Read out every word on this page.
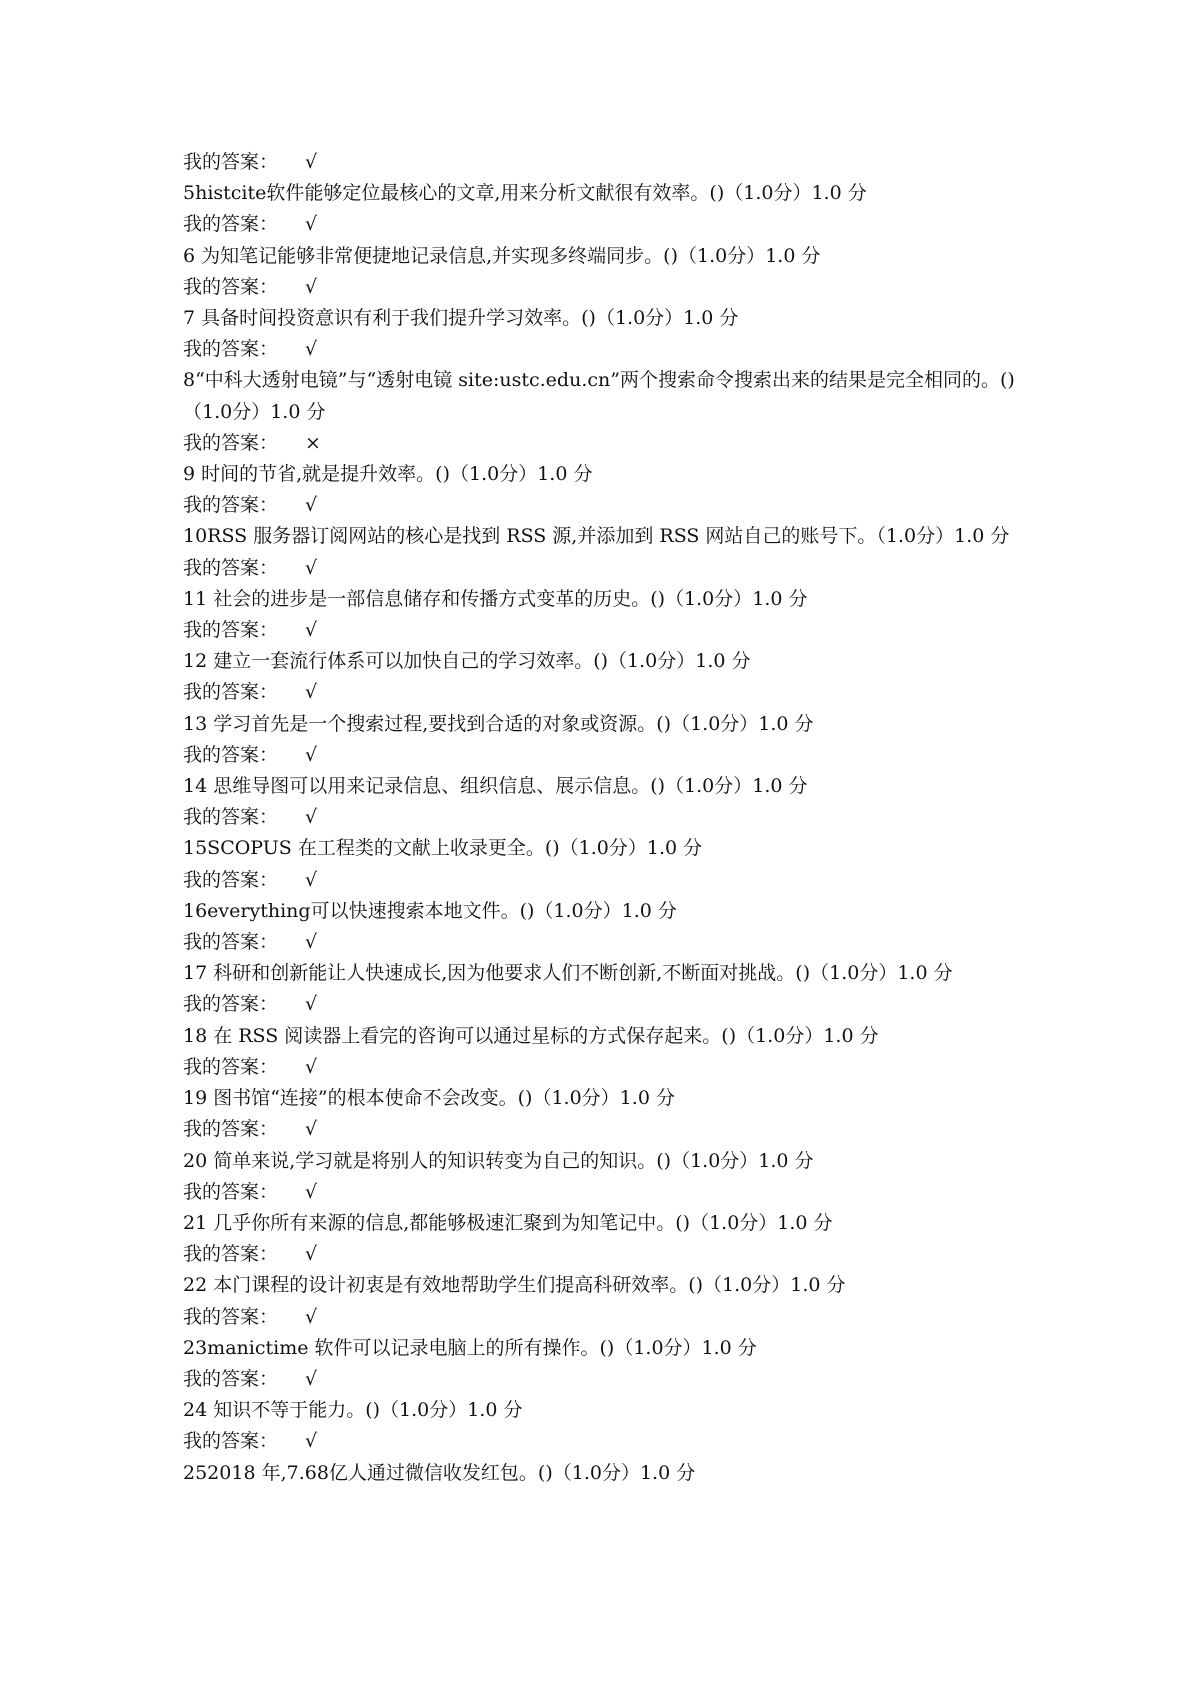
我的答案： √

5histcite软件能够定位最核心的文章,用来分析文献很有效率。()（1.0分）1.0 分

我的答案： √

6 为知笔记能够非常便捷地记录信息,并实现多终端同步。()（1.0分）1.0 分

我的答案： √

7 具备时间投资意识有利于我们提升学习效率。()（1.0分）1.0 分

我的答案： √

8“中科大透射电镜”与“透射电镜 site:ustc.edu.cn”两个搜索命令搜索出来的结果是完全相同的。()（1.0分）1.0 分

我的答案： ×

9 时间的节省,就是提升效率。()（1.0分）1.0 分

我的答案： √

10RSS 服务器订阅网站的核心是找到 RSS 源,并添加到 RSS 网站自己的账号下。（1.0分）1.0 分

我的答案： √

11 社会的进步是一部信息储存和传播方式变革的历史。()（1.0分）1.0 分

我的答案： √

12 建立一套流行体系可以加快自己的学习效率。()（1.0分）1.0 分

我的答案： √

13 学习首先是一个搜索过程,要找到合适的对象或资源。()（1.0分）1.0 分

我的答案： √

14 思维导图可以用来记录信息、组织信息、展示信息。()（1.0分）1.0 分

我的答案： √

15SCOPUS 在工程类的文献上收录更全。()（1.0分）1.0 分

我的答案： √

16everything可以快速搜索本地文件。()（1.0分）1.0 分

我的答案： √

17 科研和创新能让人快速成长,因为他要求人们不断创新,不断面对挑战。()（1.0分）1.0 分

我的答案： √

18 在 RSS 阅读器上看完的咨询可以通过星标的方式保存起来。()（1.0分）1.0 分

我的答案： √

19 图书馆“连接”的根本使命不会改变。()（1.0分）1.0 分

我的答案： √

20 简单来说,学习就是将别人的知识转变为自己的知识。()（1.0分）1.0 分

我的答案： √

21 几乎你所有来源的信息,都能够极速汇聚到为知笔记中。()（1.0分）1.0 分

我的答案： √

22 本门课程的设计初衷是有效地帮助学生们提高科研效率。()（1.0分）1.0 分

我的答案： √

23manictime 软件可以记录电脑上的所有操作。()（1.0分）1.0 分

我的答案： √

24 知识不等于能力。()（1.0分）1.0 分

我的答案： √

252018 年,7.68亿人通过微信收发红包。()（1.0分）1.0 分
